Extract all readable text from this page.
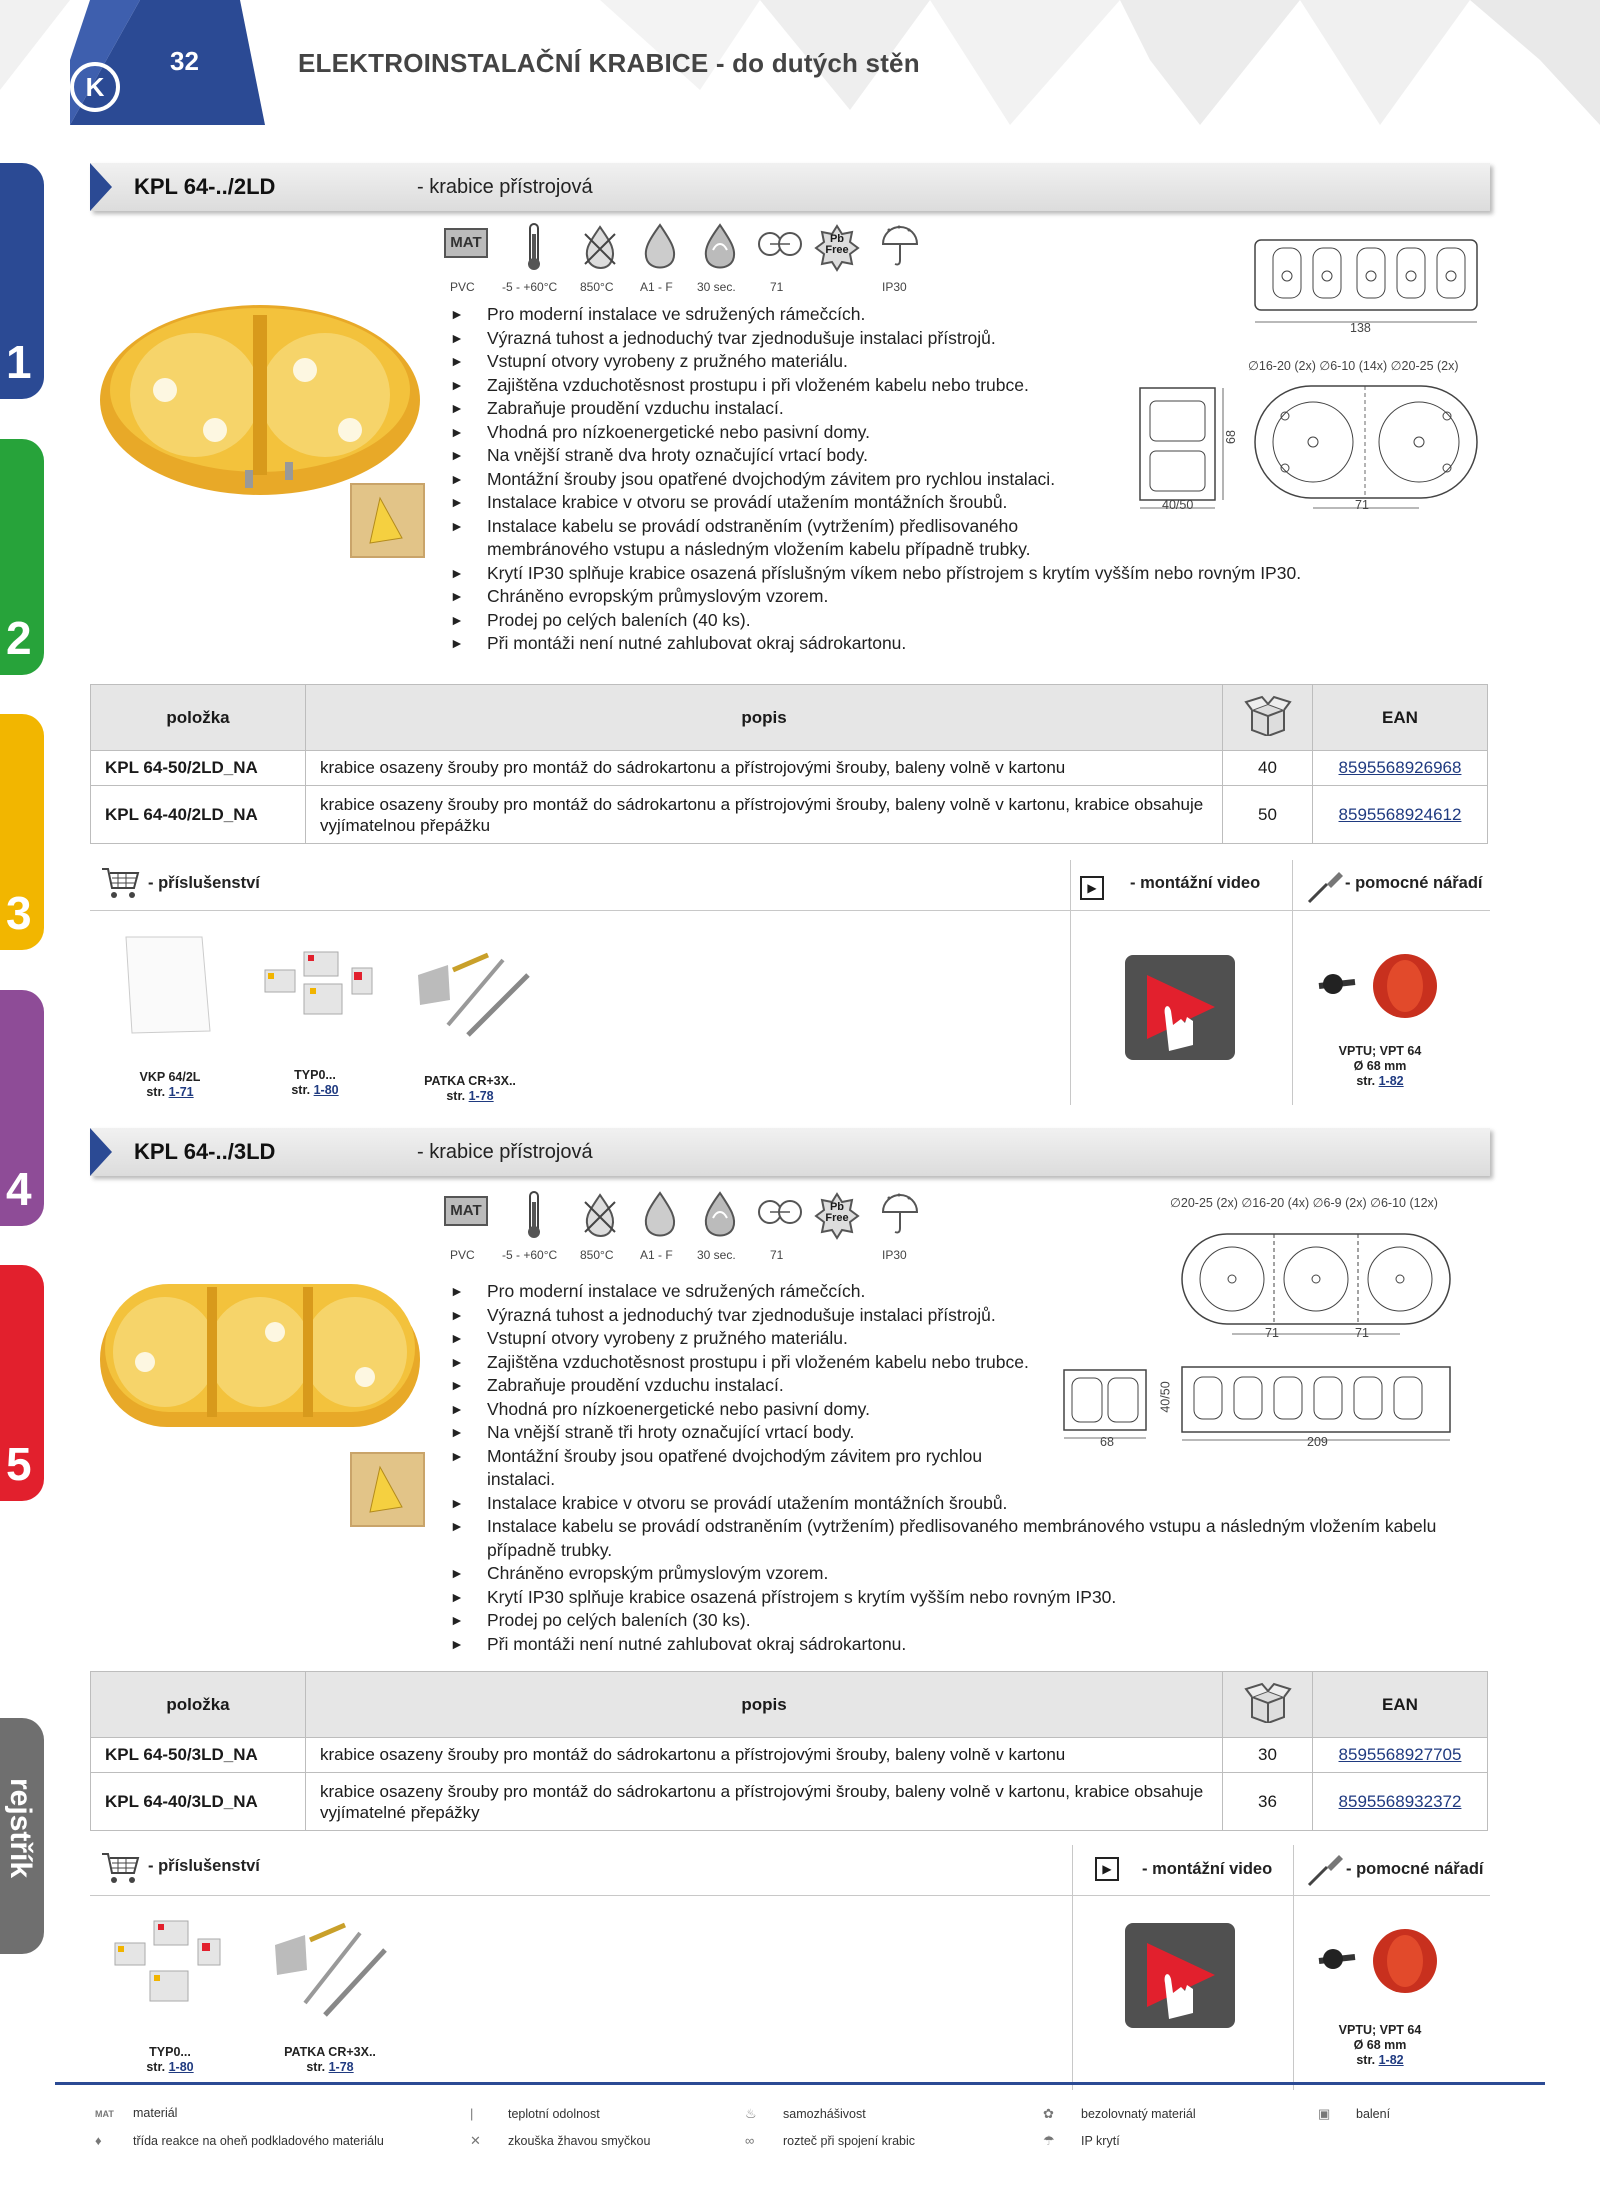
K
32	ELEKTROINSTALAČNÍ KRABICE - do dutých stěn
1
2
3
4
5
rejstřík
KPL 64-../2LD	- krabice přístrojová
MAT	Pb
Free
PVC -5 - +60°C 850°C A1 - F 30 sec.	71	IP30
138
∅16-20 (2x) ∅6-10 (14x) ∅20-25 (2x)
40/50	71
68
► Pro moderní instalace ve sdružených rámečcích.
► Výrazná tuhost a jednoduchý tvar zjednodušuje instalaci přístrojů.
► Vstupní otvory vyrobeny z pružného materiálu.
► Zajištěna vzduchotěsnost prostupu i při vloženém kabelu nebo trubce.
► Zabraňuje proudění vzduchu instalací.
► Vhodná pro nízkoenergetické nebo pasivní domy.
► Na vnější straně dva hroty označující vrtací body.
► Montážní šrouby jsou opatřené dvojchodým závitem pro rychlou instalaci.
► Instalace krabice v otvoru se provádí utažením montážních šroubů.
► Instalace kabelu se provádí odstraněním (vytržením) předlisovaného membránového vstupu a následným vložením kabelu případně trubky.
► Krytí IP30 splňuje krabice osazená příslušným víkem nebo přístrojem s krytím vyšším nebo rovným IP30.
► Chráněno evropským průmyslovým vzorem.
► Prodej po celých baleních (40 ks).
► Při montáži není nutné zahlubovat okraj sádrokartonu.
položka	popis		EAN
KPL 64-50/2LD_NA	krabice osazeny šrouby pro montáž do sádrokartonu a přístrojovými šrouby, baleny volně v kartonu	40	8595568926968
KPL 64-40/2LD_NA	krabice osazeny šrouby pro montáž do sádrokartonu a přístrojovými šrouby, baleny volně v kartonu, krabice obsahuje vyjímatelnou přepážku	50	8595568924612
- příslušenství	▶	- montážní video	- pomocné nářadí
VKP 64/2L
str. 1-71
TYP0...
str. 1-80
PATKA CR+3X..
str. 1-78
VPTU; VPT 64
Ø 68 mm
str. 1-82
KPL 64-../3LD	- krabice přístrojová
MAT	Pb
Free
PVC -5 - +60°C 850°C A1 - F 30 sec.	71	IP30
∅20-25 (2x) ∅16-20 (4x) ∅6-9 (2x) ∅6-10 (12x)
71	71
40/50
68	209
► Pro moderní instalace ve sdružených rámečcích.
► Výrazná tuhost a jednoduchý tvar zjednodušuje instalaci přístrojů.
► Vstupní otvory vyrobeny z pružného materiálu.
► Zajištěna vzduchotěsnost prostupu i při vloženém kabelu nebo trubce.
► Zabraňuje proudění vzduchu instalací.
► Vhodná pro nízkoenergetické nebo pasivní domy.
► Na vnější straně tři hroty označující vrtací body.
► Montážní šrouby jsou opatřené dvojchodým závitem pro rychlou instalaci.
► Instalace krabice v otvoru se provádí utažením montážních šroubů.
► Instalace kabelu se provádí odstraněním (vytržením) předlisovaného membránového vstupu a následným vložením kabelu případně trubky.
► Chráněno evropským průmyslovým vzorem.
► Krytí IP30 splňuje krabice osazená přístrojem s krytím vyšším nebo rovným IP30.
► Prodej po celých baleních (30 ks).
► Při montáži není nutné zahlubovat okraj sádrokartonu.
položka	popis		EAN
KPL 64-50/3LD_NA	krabice osazeny šrouby pro montáž do sádrokartonu a přístrojovými šrouby, baleny volně v kartonu	30	8595568927705
KPL 64-40/3LD_NA	krabice osazeny šrouby pro montáž do sádrokartonu a přístrojovými šrouby, baleny volně v kartonu, krabice obsahuje vyjímatelné přepážky	36	8595568932372
- příslušenství	▶	- montážní video	- pomocné nářadí
TYP0...
str. 1-80
PATKA CR+3X..
str. 1-78
VPTU; VPT 64
Ø 68 mm
str. 1-82
MAT materiál	|	teplotní odolnost	♨ samozhášivost	✿ bezolovnatý materiál	▣ balení
♦	třída reakce na oheň podkladového materiálu	✕ zkouška žhavou smyčkou	∞ rozteč při spojení krabic	☂ IP krytí
